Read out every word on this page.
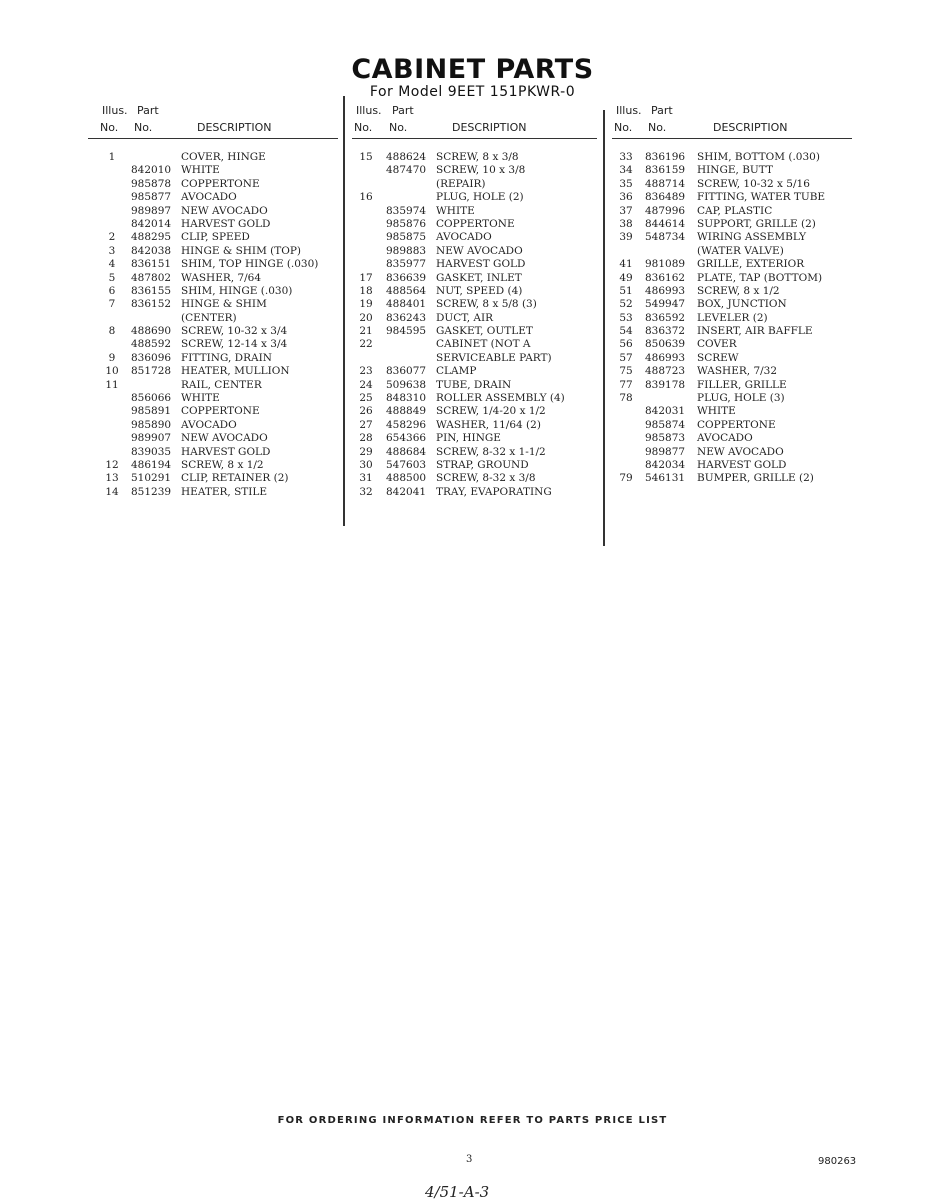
CABINET PARTS
For Model 9EET 151PKWR-0
Illus. Part
No. No.	DESCRIPTION
1	COVER, HINGE
842010 WHITE
985878 COPPERTONE
985877 AVOCADO
989897 NEW AVOCADO
842014 HARVEST GOLD
2	488295 CLIP, SPEED
3	842038 HINGE & SHIM (TOP)
4	836151 SHIM, TOP HINGE (.030)
5	487802 WASHER, 7/64
6	836155 SHIM, HINGE (.030)
7	836152 HINGE & SHIM
(CENTER)
8	488690 SCREW, 10-32 x 3/4
488592 SCREW, 12-14 x 3/4
9	836096 FITTING, DRAIN
10 851728 HEATER, MULLION
11	RAIL, CENTER
856066 WHITE
985891 COPPERTONE
985890 AVOCADO
989907 NEW AVOCADO
839035 HARVEST GOLD
12 486194 SCREW, 8 x 1/2
13 510291 CLIP, RETAINER (2)
14 851239 HEATER, STILE
Illus. Part
No. No.	DESCRIPTION
15 488624 SCREW, 8 x 3/8
487470 SCREW, 10 x 3/8
(REPAIR)
16	PLUG, HOLE (2)
835974 WHITE
985876 COPPERTONE
985875 AVOCADO
989883 NEW AVOCADO
835977 HARVEST GOLD
17 836639 GASKET, INLET
18 488564 NUT, SPEED (4)
19 488401 SCREW, 8 x 5/8 (3)
20 836243 DUCT, AIR
21 984595 GASKET, OUTLET
22	CABINET (NOT A
SERVICEABLE PART)
23 836077 CLAMP
24 509638 TUBE, DRAIN
25 848310 ROLLER ASSEMBLY (4)
26 488849 SCREW, 1/4-20 x 1/2
27 458296 WASHER, 11/64 (2)
28 654366 PIN, HINGE
29 488684 SCREW, 8-32 x 1-1/2
30 547603 STRAP, GROUND
31 488500 SCREW, 8-32 x 3/8
32 842041 TRAY, EVAPORATING
Illus. Part
No. No.	DESCRIPTION
33 836196 SHIM, BOTTOM (.030)
34 836159 HINGE, BUTT
35 488714 SCREW, 10-32 x 5/16
36 836489 FITTING, WATER TUBE
37 487996 CAP, PLASTIC
38 844614 SUPPORT, GRILLE (2)
39 548734 WIRING ASSEMBLY
(WATER VALVE)
41 981089 GRILLE, EXTERIOR
49 836162 PLATE, TAP (BOTTOM)
51 486993 SCREW, 8 x 1/2
52 549947 BOX, JUNCTION
53 836592 LEVELER (2)
54 836372 INSERT, AIR BAFFLE
56 850639 COVER
57 486993 SCREW
75 488723 WASHER, 7/32
77 839178 FILLER, GRILLE
78	PLUG, HOLE (3)
842031 WHITE
985874 COPPERTONE
985873 AVOCADO
989877 NEW AVOCADO
842034 HARVEST GOLD
79 546131 BUMPER, GRILLE (2)
FOR ORDERING INFORMATION REFER TO PARTS PRICE LIST
3	980263
4/51-A-3
